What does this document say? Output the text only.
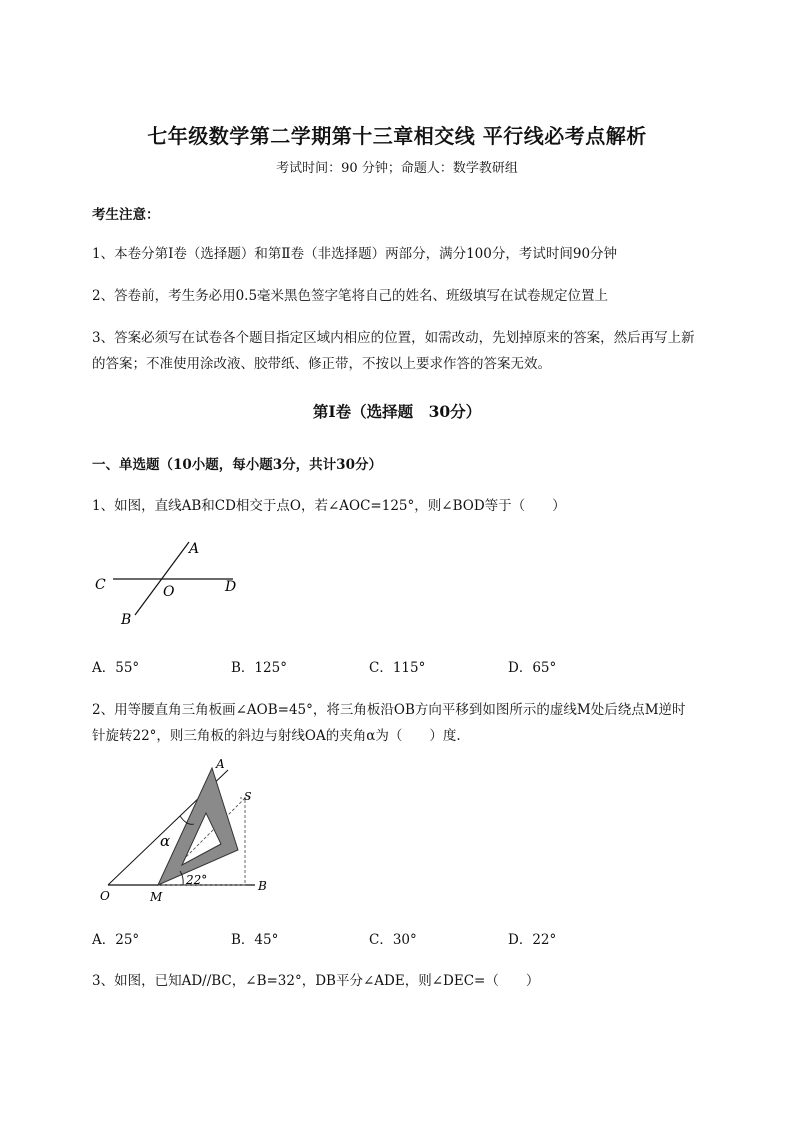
七年级数学第二学期第十三章相交线 平行线必考点解析
考试时间：90 分钟；命题人：数学教研组
考生注意：
1、本卷分第Ⅰ卷（选择题）和第Ⅱ卷（非选择题）两部分，满分100分，考试时间90分钟
2、答卷前，考生务必用0.5毫米黑色签字笔将自己的姓名、班级填写在试卷规定位置上
3、答案必须写在试卷各个题目指定区域内相应的位置，如需改动，先划掉原来的答案，然后再写上新
的答案；不准使用涂改液、胶带纸、修正带，不按以上要求作答的答案无效。
第Ⅰ卷（选择题　30分）
一、单选题（10小题，每小题3分，共计30分）
1、如图，直线AB和CD相交于点O，若∠AOC=125°，则∠BOD等于（　　）
A
C	D
O
B
A．55°	B．125°	C．115°	D．65°
2、用等腰直角三角板画∠AOB=45°，将三角板沿OB方向平移到如图所示的虚线M处后绕点M逆时
针旋转22°，则三角板的斜边与射线OA的夹角α为（　　）度.
A
S
α
22°
O	M
B
A．25°	B．45°	C．30°	D．22°
3、如图，已知AD//BC，∠B=32°，DB平分∠ADE，则∠DEC=（　　）
